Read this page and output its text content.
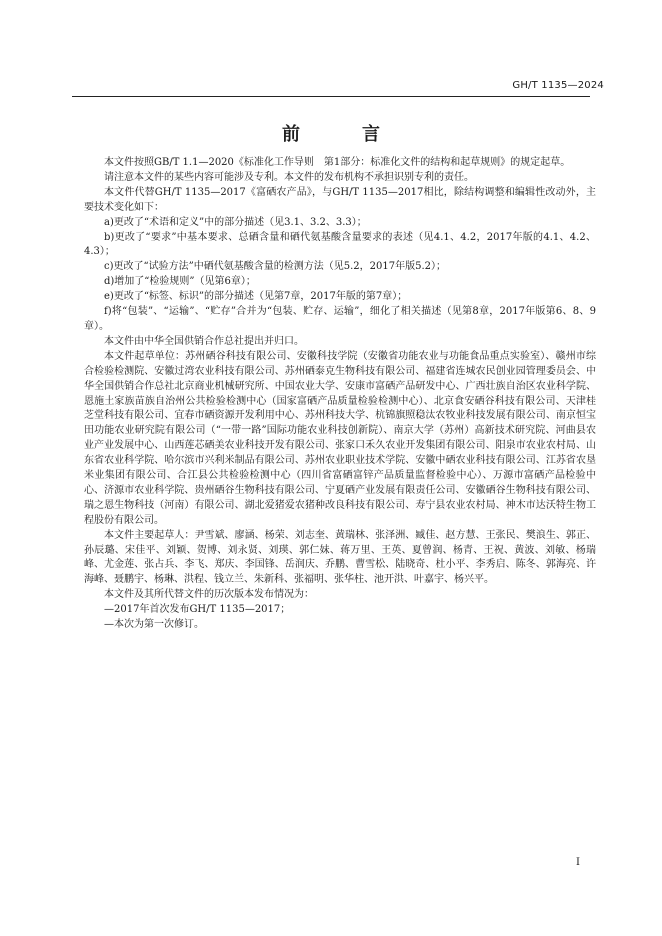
GH/T 1135—2024
前　言

本文件按照GB/T 1.1—2020《标准化工作导则　第1部分：标准化文件的结构和起草规则》的规定起草。

请注意本文件的某些内容可能涉及专利。本文件的发布机构不承担识别专利的责任。

本文件代替GH/T 1135—2017《富硒农产品》，与GH/T 1135—2017相比，除结构调整和编辑性改动外，主要技术变化如下：

a)更改了“术语和定义”中的部分描述（见3.1、3.2、3.3）；

b)更改了“要求”中基本要求、总硒含量和硒代氨基酸含量要求的表述（见4.1、4.2，2017年版的4.1、4.2、4.3）；

c)更改了“试验方法”中硒代氨基酸含量的检测方法（见5.2，2017年版5.2）；

d)增加了“检验规则”（见第6章）；

e)更改了“标签、标识”的部分描述（见第7章，2017年版的第7章）；

f)将“包装”、“运输”、“贮存”合并为“包装、贮存、运输”，细化了相关描述（见第8章，2017年版第6、8、9章）。

本文件由中华全国供销合作总社提出并归口。

本文件起草单位：苏州硒谷科技有限公司、安徽科技学院（安徽省功能农业与功能食品重点实验室）、赣州市综合检验检测院、安徽过湾农业科技有限公司、苏州硒泰克生物科技有限公司、福建省连城农民创业园管理委员会、中华全国供销合作总社北京商业机械研究所、中国农业大学、安康市富硒产品研发中心、广西壮族自治区农业科学院、恩施土家族苗族自治州公共检验检测中心（国家富硒产品质量检验检测中心）、北京食安硒谷科技有限公司、天津桂芝堂科技有限公司、宜春市硒资源开发利用中心、苏州科技大学、杭锦旗照稳汰农牧业科技发展有限公司、南京恒宝田功能农业研究院有限公司（“一带一路”国际功能农业科技创新院）、南京大学（苏州）高新技术研究院、河曲县农业产业发展中心、山西莲芯硒美农业科技开发有限公司、张家口禾久农业开发集团有限公司、阳泉市农业农村局、山东省农业科学院、哈尔滨市兴利米制品有限公司、苏州农业职业技术学院、安徽中硒农业科技有限公司、江苏省农垦米业集团有限公司、合江县公共检验检测中心（四川省富硒富锌产品质量监督检验中心）、万源市富硒产品检验中心、济源市农业科学院、贵州硒谷生物科技有限公司、宁夏硒产业发展有限责任公司、安徽硒谷生物科技有限公司、瑞之恩生物科技（河南）有限公司、湖北爱猪爱农猪种改良科技有限公司、寿宁县农业农村局、神木市达沃特生物工程股份有限公司。

本文件主要起草人：尹雪斌、廖涵、杨荣、刘志奎、黄瑞林、张泽洲、臧佳、赵方慧、王张民、樊浪生、郭正、孙辰璐、宋佳平、刘颖、贺博、刘永贤、刘瑛、郭仁妹、蒋万里、王英、夏曾润、杨青、王祝、黄波、刘敏、杨瑞峰、尤金莲、张占兵、李飞、郑庆、李国锋、岳润庆、乔鹏、曹雪松、陆晓奇、杜小平、李秀启、陈冬、郭海亮、许海峰、聂鹏宇、杨琳、洪程、钱立兰、朱新科、张福明、张华柱、池开洪、叶嘉宇、杨兴平。

本文件及其所代替文件的历次版本发布情况为：

—2017年首次发布GH/T 1135—2017；

—本次为第一次修订。

I
